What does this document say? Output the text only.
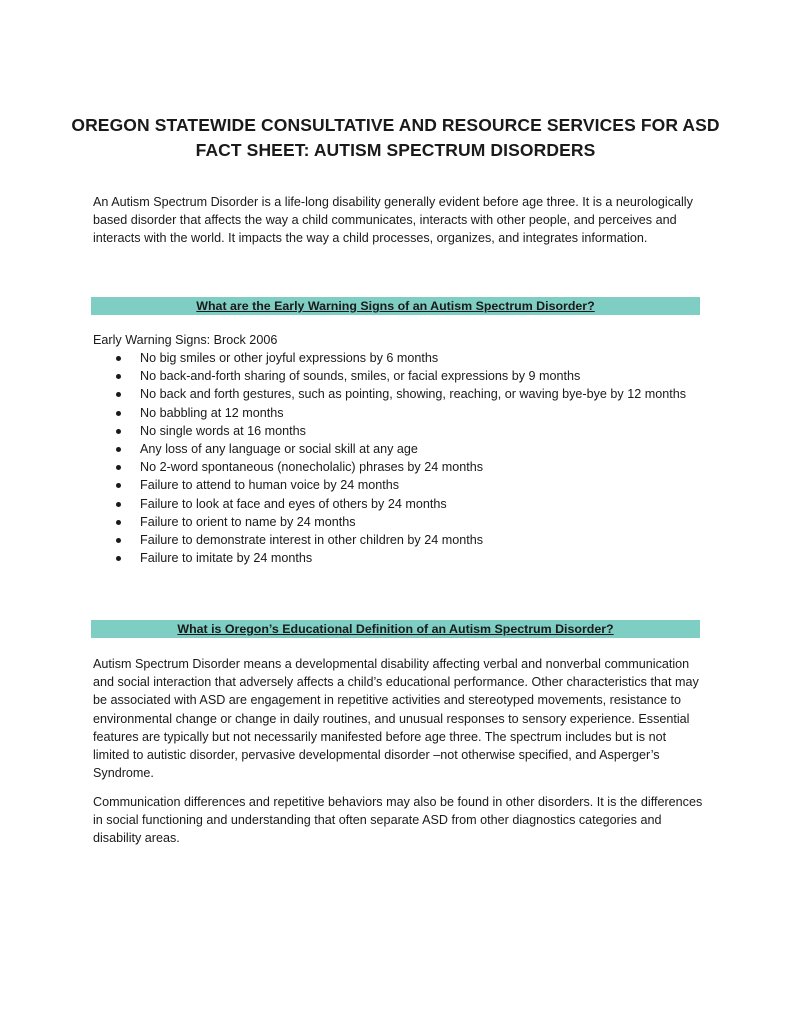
OREGON STATEWIDE CONSULTATIVE AND RESOURCE SERVICES FOR ASD
FACT SHEET: AUTISM SPECTRUM DISORDERS

An Autism Spectrum Disorder is a life-long disability generally evident before age three. It is a neurologically based disorder that affects the way a child communicates, interacts with other people, and perceives and interacts with the world. It impacts the way a child processes, organizes, and integrates information.

What are the Early Warning Signs of an Autism Spectrum Disorder?
Early Warning Signs: Brock 2006
No big smiles or other joyful expressions by 6 months
No back-and-forth sharing of sounds, smiles, or facial expressions by 9 months
No back and forth gestures, such as pointing, showing, reaching, or waving bye-bye by 12 months
No babbling at 12 months
No single words at 16 months
Any loss of any language or social skill at any age
No 2-word spontaneous (nonecholalic) phrases by 24 months
Failure to attend to human voice by 24 months
Failure to look at face and eyes of others by 24 months
Failure to orient to name by 24 months
Failure to demonstrate interest in other children by 24 months
Failure to imitate by 24 months
What is Oregon’s Educational Definition of an Autism Spectrum Disorder?

Autism Spectrum Disorder means a developmental disability affecting verbal and nonverbal communication and social interaction that adversely affects a child’s educational performance. Other characteristics that may be associated with ASD are engagement in repetitive activities and stereotyped movements, resistance to environmental change or change in daily routines, and unusual responses to sensory experience. Essential features are typically but not necessarily manifested before age three. The spectrum includes but is not limited to autistic disorder, pervasive developmental disorder –not otherwise specified, and Asperger’s Syndrome.

Communication differences and repetitive behaviors may also be found in other disorders. It is the differences in social functioning and understanding that often separate ASD from other diagnostics categories and disability areas.
